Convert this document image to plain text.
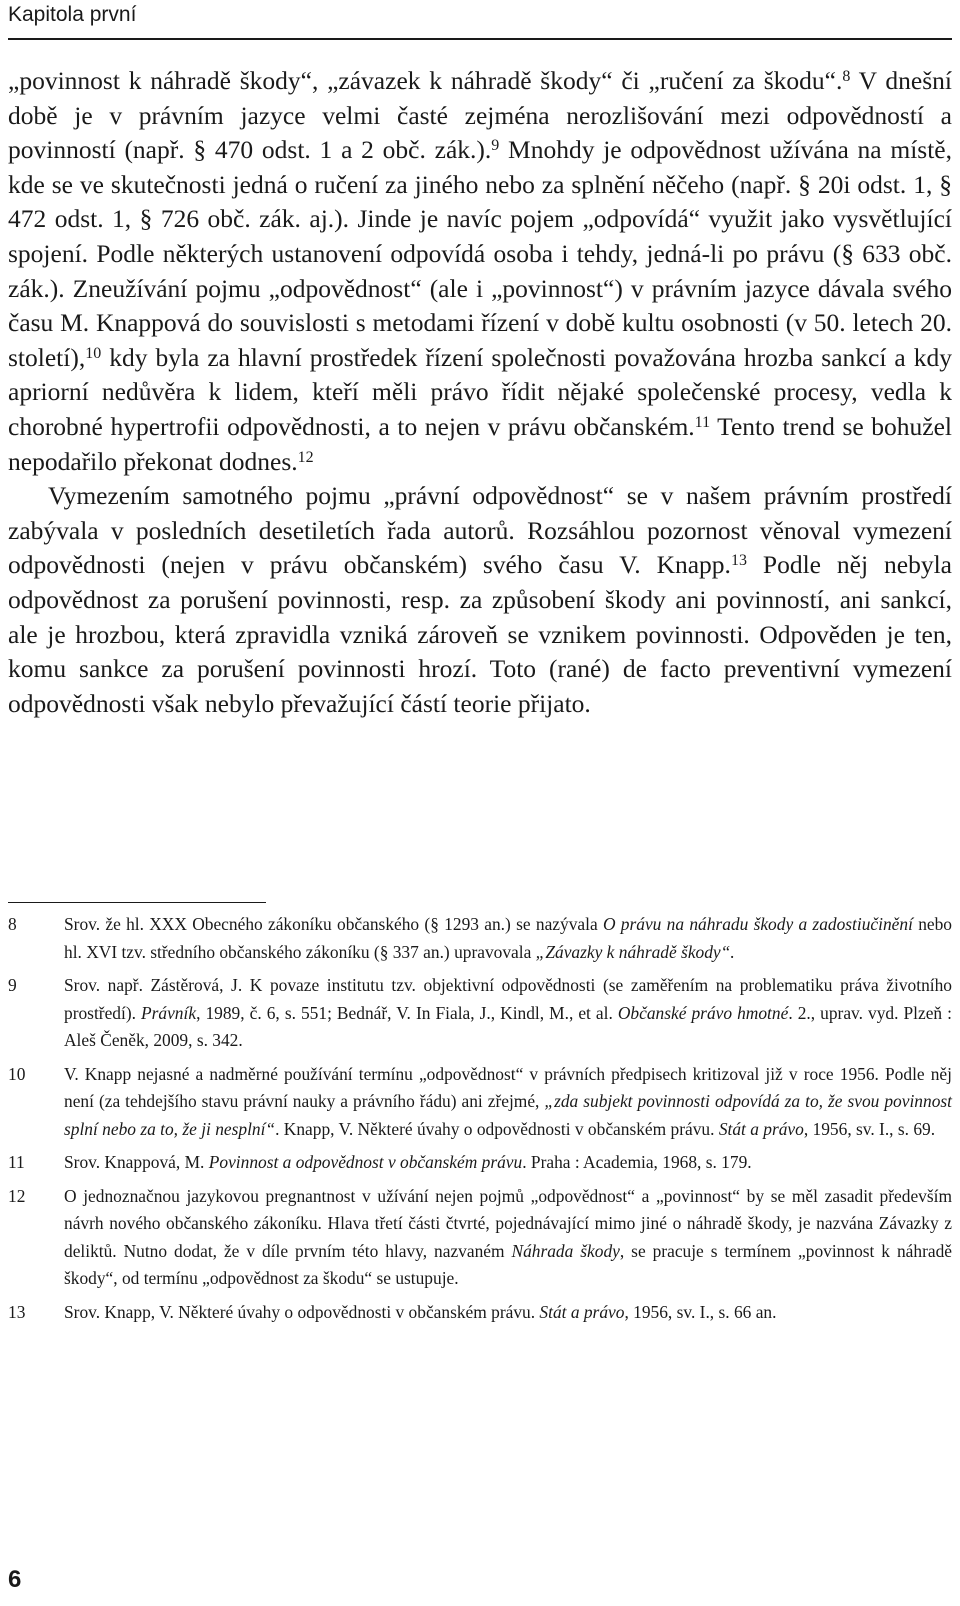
Kapitola první

„povinnost k náhradě škody“, „závazek k náhradě škody“ či „ručení za škodu“.$^8$ V dnešní době je v právním jazyce velmi časté zejména nerozlišování mezi odpovědností a povinností (např. § 470 odst. 1 a 2 obč. zák.).$^9$ Mnohdy je odpovědnost užívána na místě, kde se ve skutečnosti jedná o ručení za jiného nebo za splnění něčeho (např. § 20i odst. 1, § 472 odst. 1, § 726 obč. zák. aj.). Jinde je navíc pojem „odpovídá“ využit jako vysvětlující spojení. Podle některých ustanovení odpovídá osoba i tehdy, jedná-li po právu (§ 633 obč. zák.). Zneužívání pojmu „odpovědnost“ (ale i „povinnost“) v právním jazyce dávala svého času M. Knappová do souvislosti s metodami řízení v době kultu osobnosti (v 50. letech 20. století),$^{10}$ kdy byla za hlavní prostředek řízení společnosti považována hrozba sankcí a kdy apriorní nedůvěra k lidem, kteří měli právo řídit nějaké společenské procesy, vedla k chorobné hypertrofii odpovědnosti, a to nejen v právu občanském.$^{11}$ Tento trend se bohužel nepodařilo překonat dodnes.$^{12}$

Vymezením samotného pojmu „právní odpovědnost“ se v našem právním prostředí zabývala v posledních desetiletích řada autorů. Rozsáhlou pozornost věnoval vymezení odpovědnosti (nejen v právu občanském) svého času V. Knapp.$^{13}$ Podle něj nebyla odpovědnost za porušení povinnosti, resp. za způsobení škody ani povinností, ani sankcí, ale je hrozbou, která zpravidla vzniká zároveň se vznikem povinnosti. Odpověden je ten, komu sankce za porušení povinnosti hrozí. Toto (rané) de facto preventivní vymezení odpovědnosti však nebylo převažující částí teorie přijato.

8	Srov. že hl. XXX Obecného zákoníku občanského (§ 1293 an.) se nazývala O právu na náhradu škody a zadostiučinění nebo hl. XVI tzv. středního občanského zákoníku (§ 337 an.) upravovala „Závazky k náhradě škody“.
9	Srov. např. Zástěrová, J. K povaze institutu tzv. objektivní odpovědnosti (se zaměřením na problematiku práva životního prostředí). Právník, 1989, č. 6, s. 551; Bednář, V. In Fiala, J., Kindl, M., et al. Občanské právo hmotné. 2., uprav. vyd. Plzeň : Aleš Čeněk, 2009, s. 342.
10 V. Knapp nejasné a nadměrné používání termínu „odpovědnost“ v právních předpisech kritizoval již v roce 1956. Podle něj není (za tehdejšího stavu právní nauky a právního řádu) ani zřejmé, „zda subjekt povinnosti odpovídá za to, že svou povinnost splní nebo za to, že ji nesplní“. Knapp, V. Některé úvahy o odpovědnosti v občanském právu. Stát a právo, 1956, sv. I., s. 69.
11 Srov. Knappová, M. Povinnost a odpovědnost v občanském právu. Praha : Academia, 1968, s. 179.
12 O jednoznačnou jazykovou pregnantnost v užívání nejen pojmů „odpovědnost“ a „povinnost“ by se měl zasadit především návrh nového občanského zákoníku. Hlava třetí části čtvrté, pojednávající mimo jiné o náhradě škody, je nazvána Závazky z deliktů. Nutno dodat, že v díle prvním této hlavy, nazvaném Náhrada škody, se pracuje s termínem „povinnost k náhradě škody“, od termínu „odpovědnost za škodu“ se ustupuje.
13 Srov. Knapp, V. Některé úvahy o odpovědnosti v občanském právu. Stát a právo, 1956, sv. I., s. 66 an.
6
